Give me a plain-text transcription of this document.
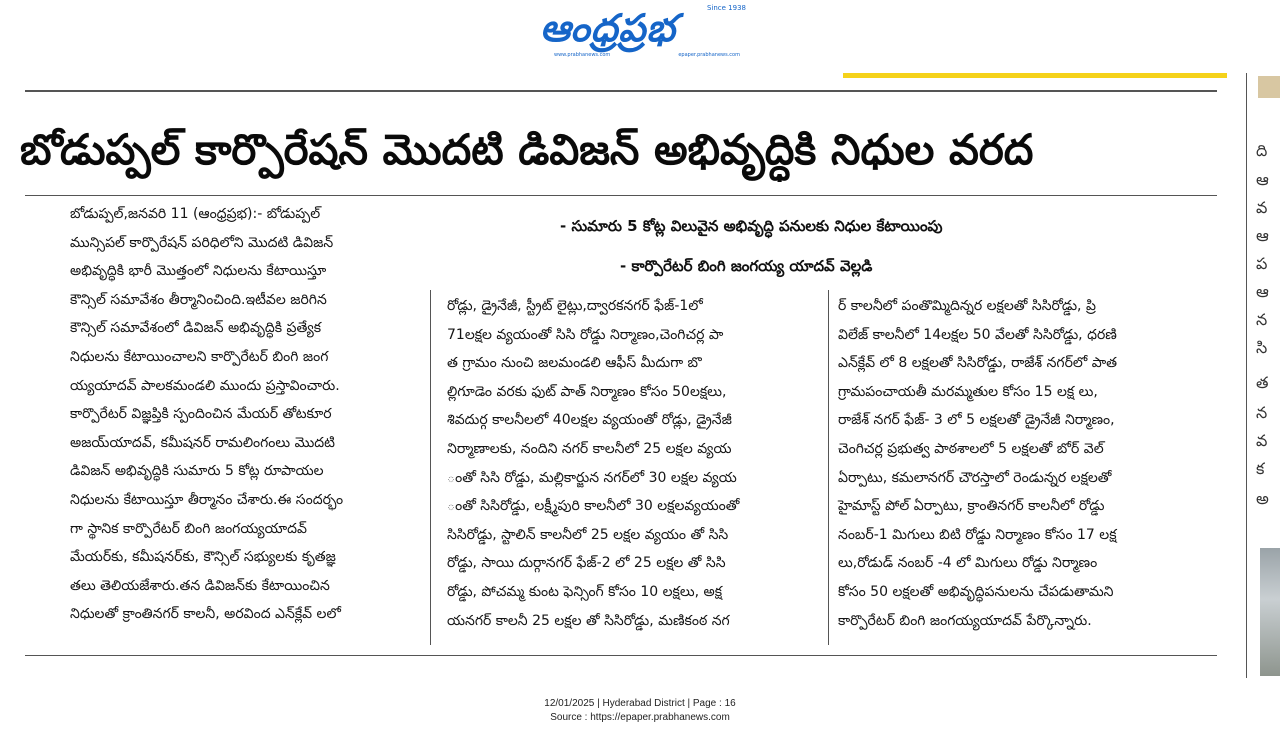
ఆంధ్రప్రభ	Since 1938
www.prabhanews.com	epaper.prabhanews.com
బోడుప్పల్ కార్పొరేషన్ మొదటి డివిజన్ అభివృద్ధికి నిధుల వరద
- సుమారు 5 కోట్ల విలువైన అభివృద్ధి పనులకు నిధుల కేటాయింపు
- కార్పొరేటర్ బింగి జంగయ్య యాదవ్ వెల్లడి

బోడుప్పల్,జనవరి 11 (ఆంధ్రప్రభ):- బోడుప్పల్

మున్సిపల్ కార్పొరేషన్ పరిధిలోని మొదటి డివిజన్

అభివృద్ధికి భారీ మొత్తంలో నిధులను కేటాయిస్తూ

కౌన్సిల్ సమావేశం తీర్మానించింది.ఇటీవల జరిగిన

కౌన్సిల్ సమావేశంలో డివిజన్ అభివృద్ధికి ప్రత్యేక

నిధులను కేటాయించాలని కార్పొరేటర్ బింగి జంగ

య్యయాదవ్ పాలకమండలి ముందు ప్రస్తావించారు.

కార్పొరేటర్ విజ్ఞప్తికి స్పందించిన మేయర్ తోటకూర

అజయ్‌యాదవ్, కమీషనర్ రామలింగంలు మొదటి

డివిజన్ అభివృద్ధికి సుమారు 5 కోట్ల రూపాయల

నిధులను కేటాయిస్తూ తీర్మానం చేశారు.ఈ సందర్భం

గా స్థానిక కార్పొరేటర్ బింగి జంగయ్యయాదవ్

మేయర్‌కు, కమీషనర్‌కు, కౌన్సిల్ సభ్యులకు కృతజ్ఞ

తలు తెలియజేశారు.తన డివిజన్‌కు కేటాయించిన

నిధులతో క్రాంతినగర్ కాలనీ, అరవింద ఎన్‌క్లేవ్ లలో

రోడ్లు, డ్రైనేజీ, స్ట్రీట్ లైట్లు,ద్వారకనగర్ ఫేజ్-1లో

71లక్షల వ్యయంతో సిసి రోడ్డు నిర్మాణం,చెంగిచర్ల పా

త గ్రామం నుంచి జలమండలి ఆఫీస్ మీదుగా బొ

ల్లిగూడెం వరకు ఫుట్ పాత్ నిర్మాణం కోసం 50లక్షలు,

శివదుర్గ కాలనీలలో 40లక్షల వ్యయంతో రోడ్లు, డ్రైనేజీ

నిర్మాణాలకు, నందిని నగర్ కాలనీలో 25 లక్షల వ్యయ

ంతో సిసి రోడ్డు, మల్లికార్జున నగర్‌లో 30 లక్షల వ్యయ

ంతో సిసిరోడ్డు, లక్ష్మీపురి కాలనీలో 30 లక్షలవ్యయంతో

సిసిరోడ్డు, స్టాలిన్ కాలనీలో 25 లక్షల వ్యయం తో సిసి

రోడ్డు, సాయి దుర్గానగర్ ఫేజ్-2 లో 25 లక్షల తో సిసి

రోడ్డు, పోచమ్మ కుంట ఫెన్సింగ్ కోసం 10 లక్షలు, అక్ష

యనగర్ కాలనీ 25 లక్షల తో సిసిరోడ్డు, మణికంఠ నగ

ర్ కాలనీలో పంతొమ్మిదిన్నర లక్షలతో సిసిరోడ్డు, ప్రి

విలేజ్ కాలనీలో 14లక్షల 50 వేలతో సిసిరోడ్డు, ధరణి

ఎన్‌క్లేవ్ లో 8 లక్షలతో సిసిరోడ్డు, రాజేశ్ నగర్‌లో పాత

గ్రామపంచాయతీ మరమ్మతుల కోసం 15 లక్ష లు,

రాజేశ్ నగర్ ఫేజ్- 3 లో 5 లక్షలతో డ్రైనేజీ నిర్మాణం,

చెంగిచర్ల ప్రభుత్వ పాఠశాలలో 5 లక్షలతో బోర్ వెల్

ఏర్పాటు, కమలానగర్ చౌరస్తాలో రెండున్నర లక్షలతో

హైమాస్ట్ పోల్ ఏర్పాటు, క్రాంతినగర్ కాలనీలో రోడ్డు

నంబర్-1 మిగులు బిటి రోడ్డు నిర్మాణం కోసం 17 లక్ష

లు,రోడుడ్ నంబర్ -4 లో మిగులు రోడ్డు నిర్మాణం

కోసం 50 లక్షలతో అభివృద్ధిపనులను చేపడుతామని

కార్పొరేటర్ బింగి జంగయ్యయాదవ్ పేర్కొన్నారు.

ది
ఆ
వ
ఆ
ప
ఆ
న
సి
త
న
వ
క
అ
12/01/2025 | Hyderabad District | Page : 16
Source : https://epaper.prabhanews.com
